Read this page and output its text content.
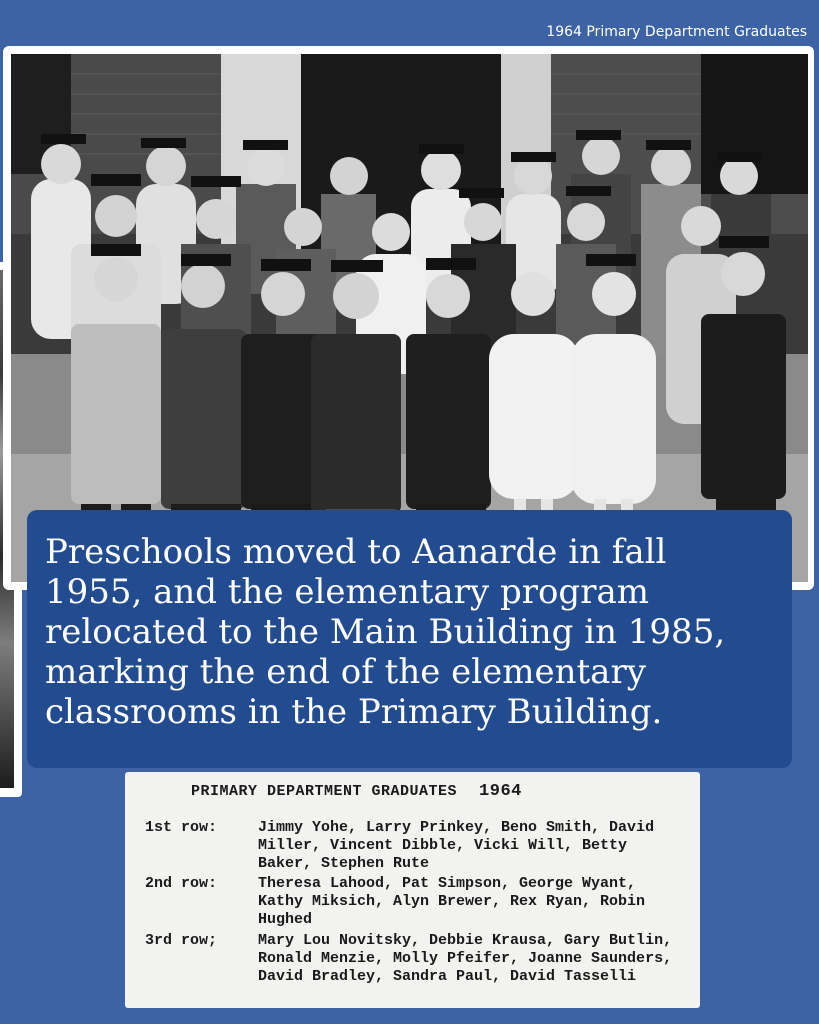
1964 Primary Department Graduates

Preschools moved to Aanarde in fall 1955, and the elementary program relocated to the Main Building in 1985, marking the end of the elementary classrooms in the Primary Building.

PRIMARY DEPARTMENT GRADUATES 1964
1st row:	Jimmy Yohe, Larry Prinkey, Beno Smith, David Miller, Vincent Dibble, Vicki Will, Betty Baker, Stephen Rute
2nd row:	Theresa Lahood, Pat Simpson, George Wyant, Kathy Miksich, Alyn Brewer, Rex Ryan, Robin Hughed
3rd row;	Mary Lou Novitsky, Debbie Krausa, Gary Butlin, Ronald Menzie, Molly Pfeifer, Joanne Saunders, David Bradley, Sandra Paul, David Tasselli
